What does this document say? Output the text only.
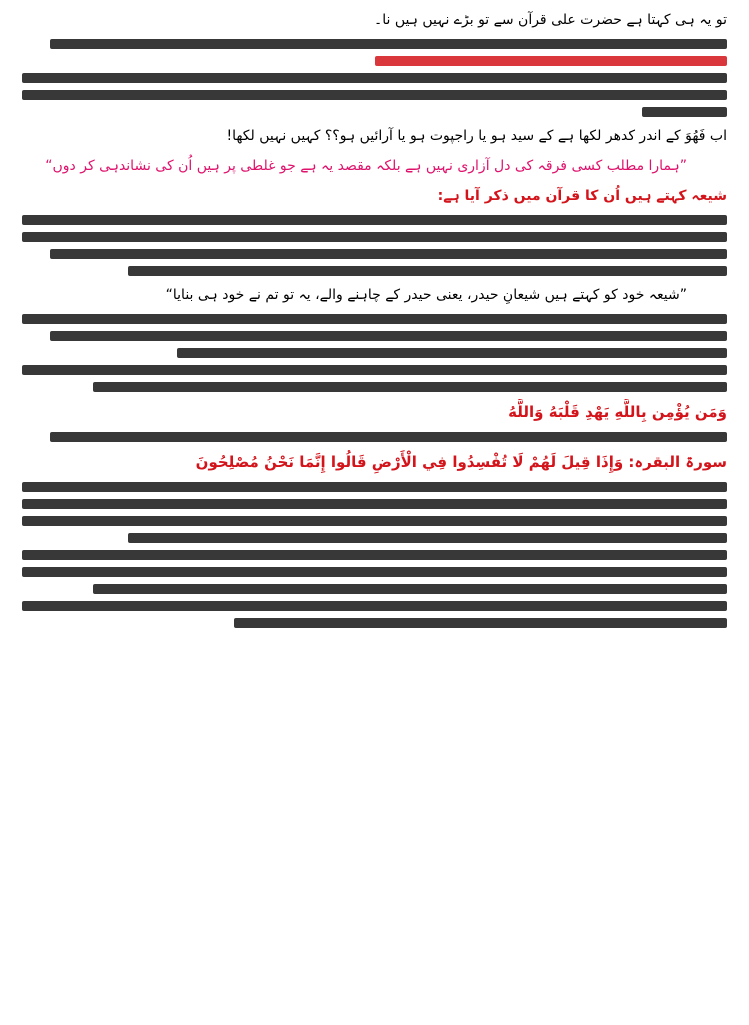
تو یہ ہی کہتا ہے حضرت علی قرآن سے تو بڑے نہیں ہیں نا۔
اب فَهُوَ کے اندر کدھر لکھا ہے کے سید ہو یا راجپوت ہو یا آرائیں ہو؟؟ کہیں نہیں لکھا!
”ہمارا مطلب کسی فرقہ کی دل آزاری نہیں ہے بلکہ مقصد یہ ہے جو غلطی پر ہیں اُن کی نشاندہی کر دوں“
شیعہ کہتے ہیں اُن کا قرآن میں ذکر آیا ہے:
”شیعہ خود کو کہتے ہیں شیعانِ حیدر، یعنی حیدر کے چاہنے والے، یہ تو تم نے خود ہی بنایا“
وَمَن يُؤْمِن بِاللَّهِ يَهْدِ قَلْبَهُ وَاللَّهُ
سورۃ البقرہ: وَإِذَا قِيلَ لَهُمْ لَا تُفْسِدُوا فِي الْأَرْضِ قَالُوا إِنَّمَا نَحْنُ مُصْلِحُونَ
